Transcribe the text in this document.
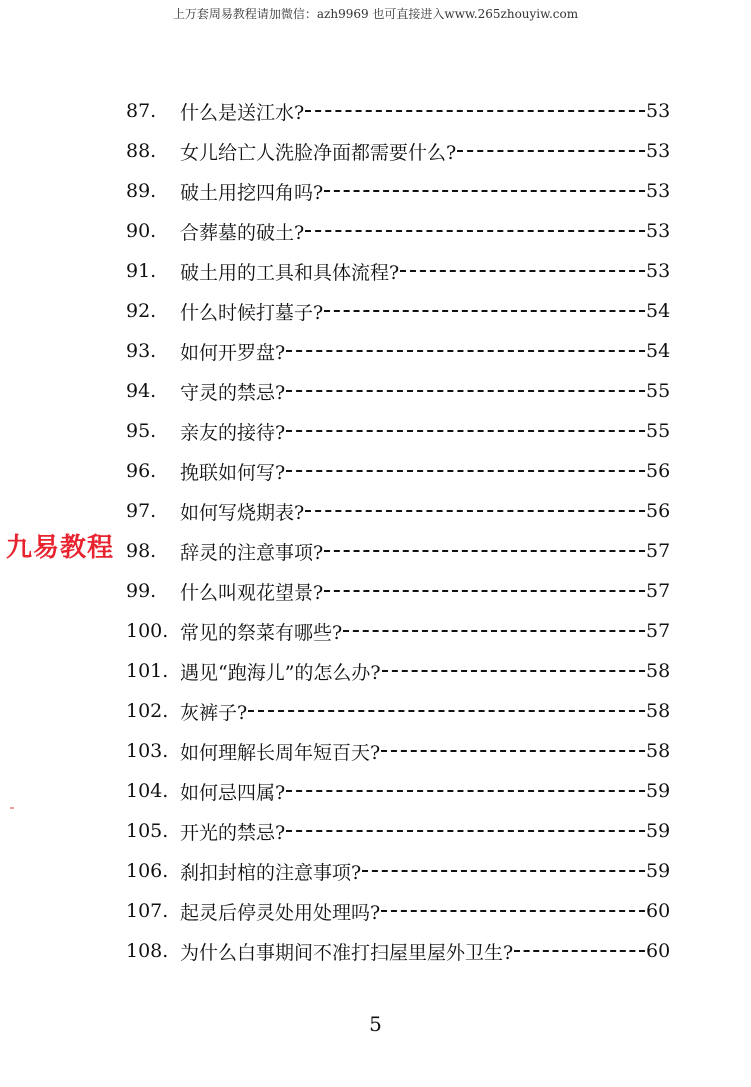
上万套周易教程请加微信：azh9969 也可直接进入www.265zhouyiw.com
87.	什么是送江水?	53
88.	女儿给亡人洗脸净面都需要什么?	53
89.	破土用挖四角吗?	53
90.	合葬墓的破土?	53
91.	破土用的工具和具体流程?	53
92.	什么时候打墓子?	54
93.	如何开罗盘?	54
94.	守灵的禁忌?	55
95.	亲友的接待?	55
96.	挽联如何写?	56
97.	如何写烧期表?	56
98.	辞灵的注意事项?	57
99.	什么叫观花望景?	57
100. 常见的祭菜有哪些?	57
101. 遇见“跑海儿”的怎么办?	58
102. 灰裤子?	58
103. 如何理解长周年短百天?	58
104. 如何忌四属?	59
105. 开光的禁忌?	59
106. 刹扣封棺的注意事项?	59
107. 起灵后停灵处用处理吗?	60
108. 为什么白事期间不准打扫屋里屋外卫生?	60
九易教程
5
